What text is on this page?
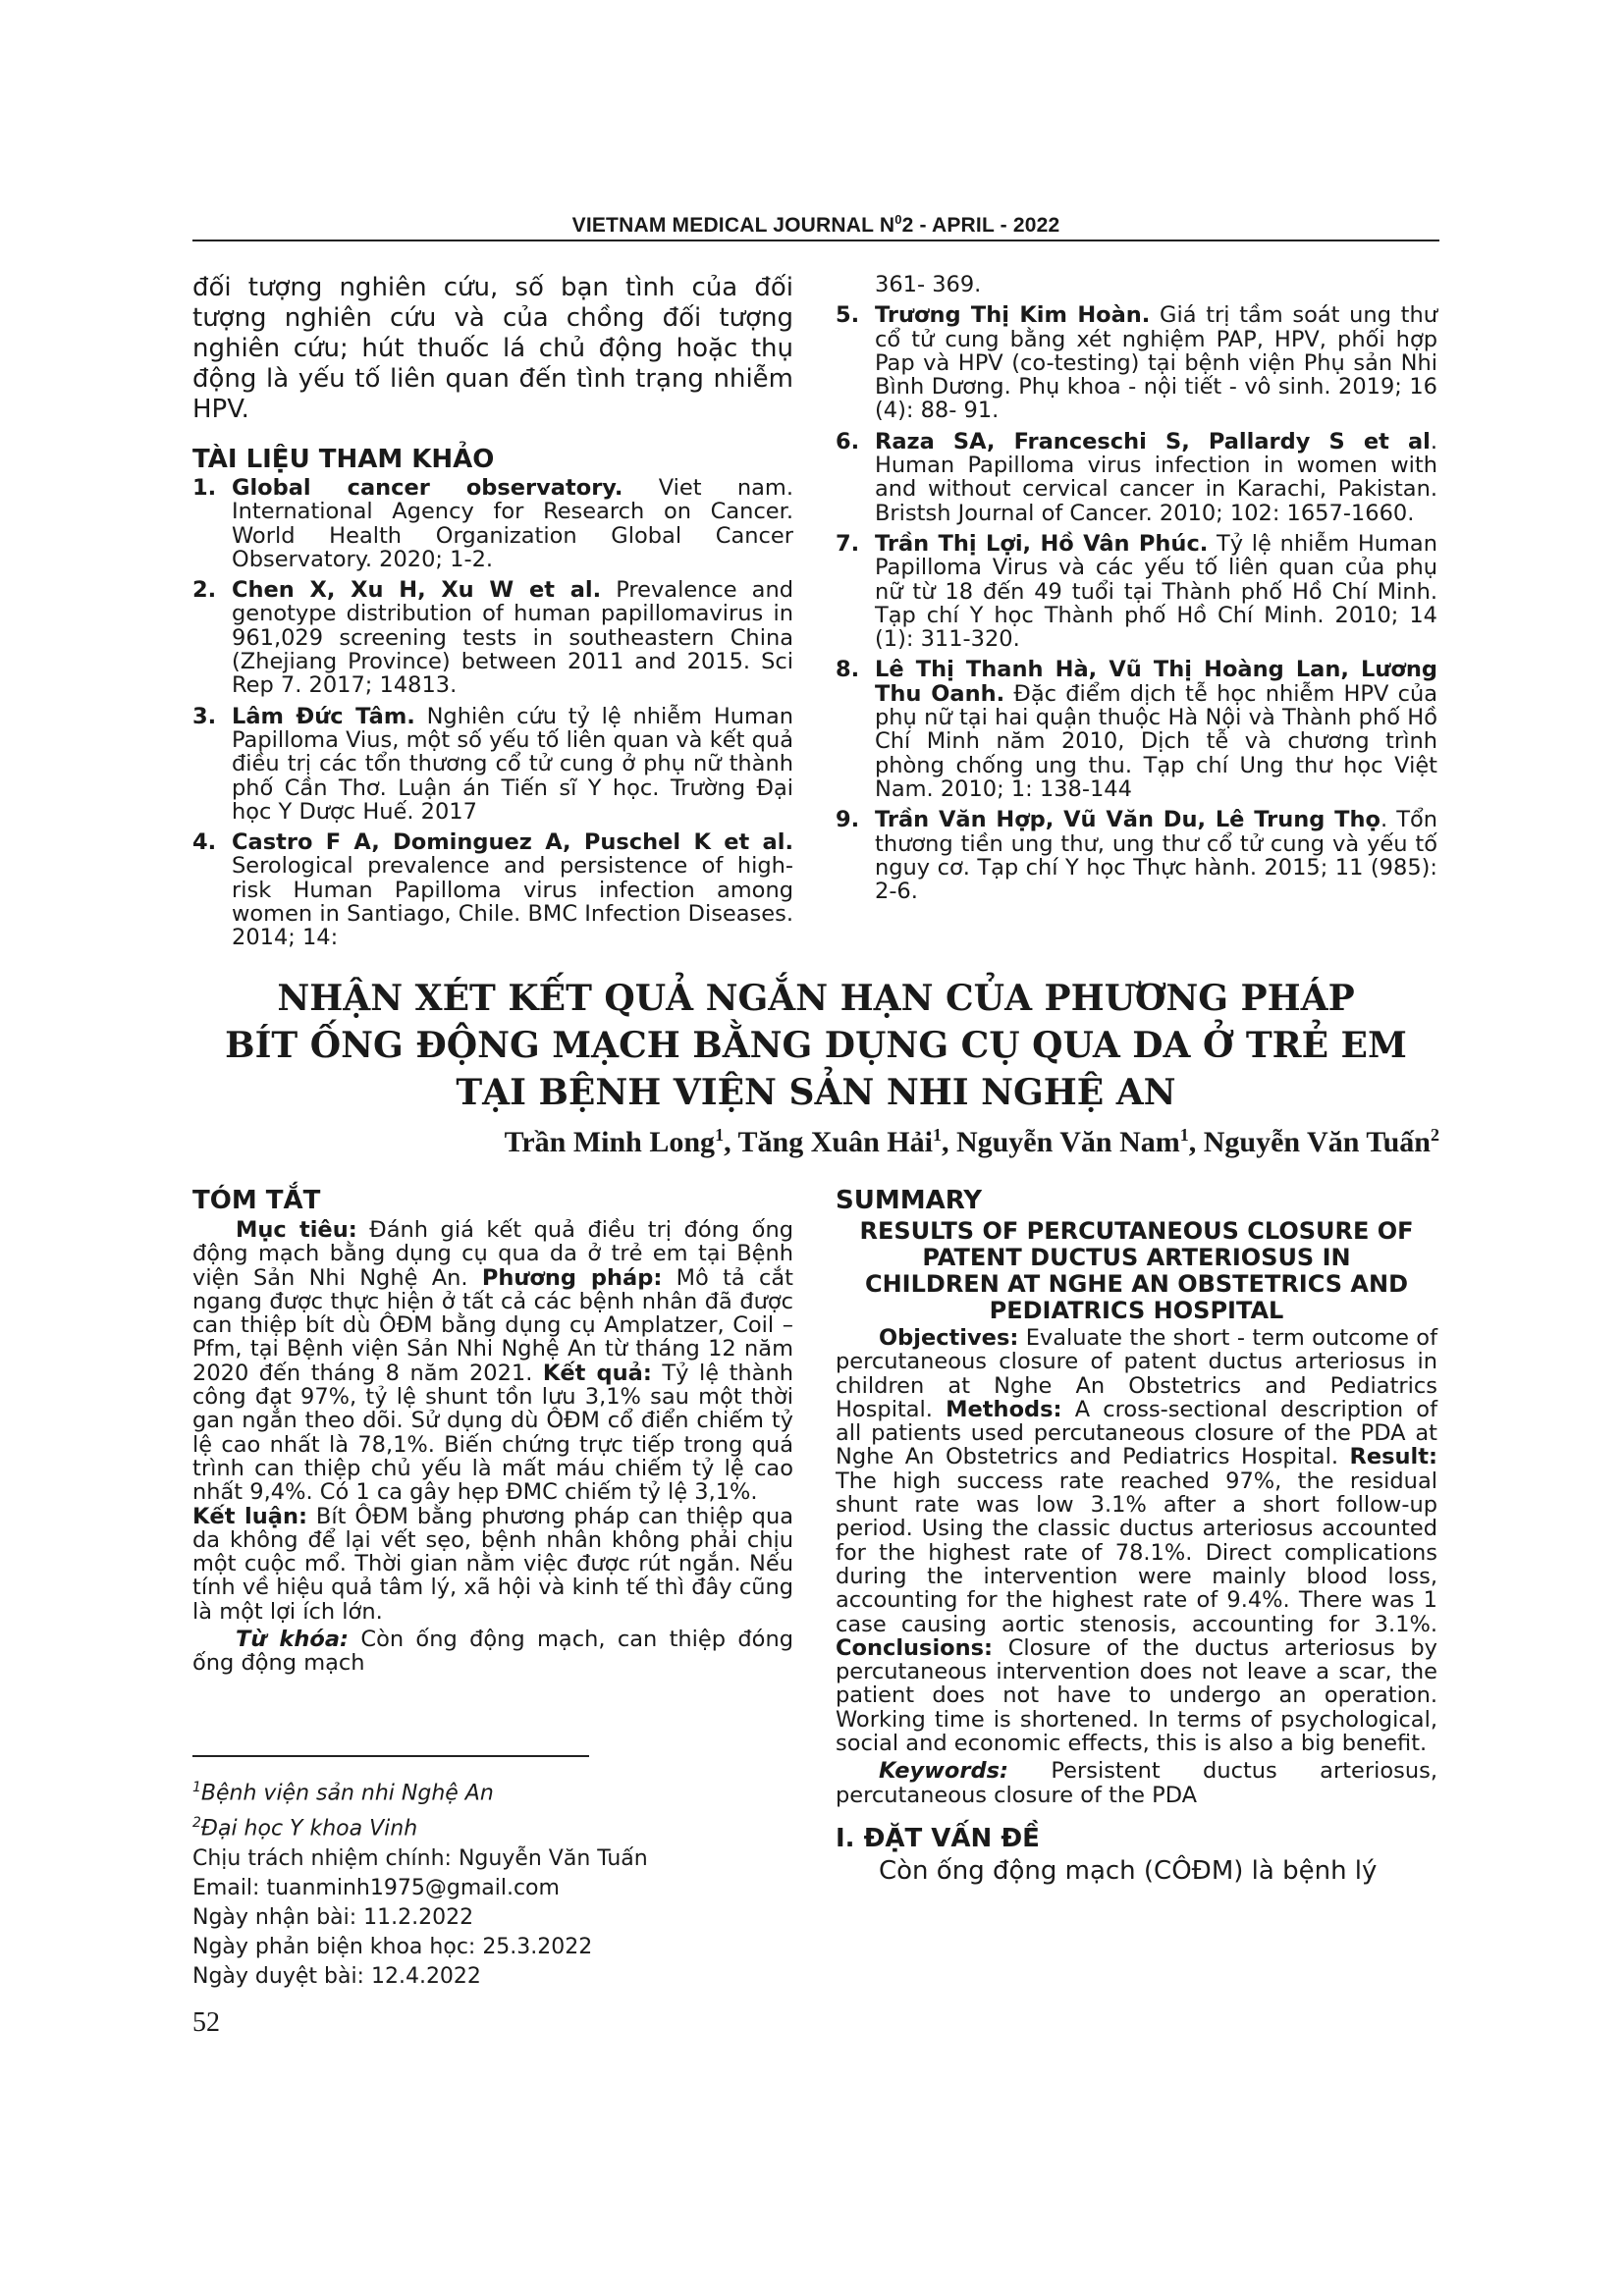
VIETNAM MEDICAL JOURNAL $N^02$ - APRIL - 2022

đối tượng nghiên cứu, số bạn tình của đối tượng nghiên cứu và của chồng đối tượng nghiên cứu; hút thuốc lá chủ động hoặc thụ động là yếu tố liên quan đến tình trạng nhiễm HPV.

TÀI LIỆU THAM KHẢO
1. Global cancer observatory. Viet nam. International Agency for Research on Cancer. World Health Organization Global Cancer Observatory. 2020; 1-2.
2. Chen X, Xu H, Xu W et al. Prevalence and genotype distribution of human papillomavirus in 961,029 screening tests in southeastern China (Zhejiang Province) between 2011 and 2015. Sci Rep 7. 2017; 14813.
3. Lâm Đức Tâm. Nghiên cứu tỷ lệ nhiễm Human Papilloma Vius, một số yếu tố liên quan và kết quả điều trị các tổn thương cổ tử cung ở phụ nữ thành phố Cần Thơ. Luận án Tiến sĩ Y học. Trường Đại học Y Dược Huế. 2017
4. Castro F A, Dominguez A, Puschel K et al. Serological prevalence and persistence of high- risk Human Papilloma virus infection among women in Santiago, Chile. BMC Infection Diseases. 2014; 14:
361- 369.
5. Trương Thị Kim Hoàn. Giá trị tầm soát ung thư cổ tử cung bằng xét nghiệm PAP, HPV, phối hợp Pap và HPV (co-testing) tại bệnh viện Phụ sản Nhi Bình Dương. Phụ khoa - nội tiết - vô sinh. 2019; 16 (4): 88- 91.
6. Raza SA, Franceschi S, Pallardy S et al. Human Papilloma virus infection in women with and without cervical cancer in Karachi, Pakistan. Bristsh Journal of Cancer. 2010; 102: 1657-1660.
7. Trần Thị Lợi, Hồ Vân Phúc. Tỷ lệ nhiễm Human Papilloma Virus và các yếu tố liên quan của phụ nữ từ 18 đến 49 tuổi tại Thành phố Hồ Chí Minh. Tạp chí Y học Thành phố Hồ Chí Minh. 2010; 14 (1): 311-320.
8. Lê Thị Thanh Hà, Vũ Thị Hoàng Lan, Lương Thu Oanh. Đặc điểm dịch tễ học nhiễm HPV của phụ nữ tại hai quận thuộc Hà Nội và Thành phố Hồ Chí Minh năm 2010, Dịch tễ và chương trình phòng chống ung thu. Tạp chí Ung thư học Việt Nam. 2010; 1: 138-144
9. Trần Văn Hợp, Vũ Văn Du, Lê Trung Thọ. Tổn thương tiền ung thư, ung thư cổ tử cung và yếu tố nguy cơ. Tạp chí Y học Thực hành. 2015; 11 (985): 2-6.
NHẬN XÉT KẾT QUẢ NGẮN HẠN CỦA PHƯƠNG PHÁP
BÍT ỐNG ĐỘNG MẠCH BẰNG DỤNG CỤ QUA DA Ở TRẺ EM
TẠI BỆNH VIỆN SẢN NHI NGHỆ AN
Trần Minh Long$^1$, Tăng Xuân Hải$^1$, Nguyễn Văn Nam$^1$, Nguyễn Văn Tuấn$^2$
TÓM TẮT

Mục tiêu: Đánh giá kết quả điều trị đóng ống động mạch bằng dụng cụ qua da ở trẻ em tại Bệnh viện Sản Nhi Nghệ An. Phương pháp: Mô tả cắt ngang được thực hiện ở tất cả các bệnh nhân đã được can thiệp bít dù ÔĐM bằng dụng cụ Amplatzer, Coil – Pfm, tại Bệnh viện Sản Nhi Nghệ An từ tháng 12 năm 2020 đến tháng 8 năm 2021. Kết quả: Tỷ lệ thành công đạt 97%, tỷ lệ shunt tồn lưu 3,1% sau một thời gan ngắn theo dõi. Sử dụng dù ÔĐM cổ điển chiếm tỷ lệ cao nhất là 78,1%. Biến chứng trực tiếp trong quá trình can thiệp chủ yếu là mất máu chiếm tỷ lệ cao nhất 9,4%. Có 1 ca gây hẹp ĐMC chiếm tỷ lệ 3,1%.
Kết luận: Bít ÔĐM bằng phương pháp can thiệp qua da không để lại vết sẹo, bệnh nhân không phải chịu một cuộc mổ. Thời gian nằm việc được rút ngắn. Nếu tính về hiệu quả tâm lý, xã hội và kinh tế thì đây cũng là một lợi ích lớn.

Từ khóa: Còn ống động mạch, can thiệp đóng ống động mạch

SUMMARY
RESULTS OF PERCUTANEOUS CLOSURE OF
PATENT DUCTUS ARTERIOSUS IN
CHILDREN AT NGHE AN OBSTETRICS AND
PEDIATRICS HOSPITAL

Objectives: Evaluate the short - term outcome of percutaneous closure of patent ductus arteriosus in children at Nghe An Obstetrics and Pediatrics Hospital. Methods: A cross-sectional description of all patients used percutaneous closure of the PDA at Nghe An Obstetrics and Pediatrics Hospital. Result: The high success rate reached 97%, the residual shunt rate was low 3.1% after a short follow-up period. Using the classic ductus arteriosus accounted for the highest rate of 78.1%. Direct complications during the intervention were mainly blood loss, accounting for the highest rate of 9.4%. There was 1 case causing aortic stenosis, accounting for 3.1%. Conclusions: Closure of the ductus arteriosus by percutaneous intervention does not leave a scar, the patient does not have to undergo an operation. Working time is shortened. In terms of psychological, social and economic effects, this is also a big benefit.

Keywords: Persistent ductus arteriosus, percutaneous closure of the PDA

I. ĐẶT VẤN ĐỀ

Còn ống động mạch (CÔĐM) là bệnh lý

$^1$Bệnh viện sản nhi Nghệ An
$^2$Đại học Y khoa Vinh
Chịu trách nhiệm chính: Nguyễn Văn Tuấn
Email: tuanminh1975@gmail.com
Ngày nhận bài: 11.2.2022
Ngày phản biện khoa học: 25.3.2022
Ngày duyệt bài: 12.4.2022
52
